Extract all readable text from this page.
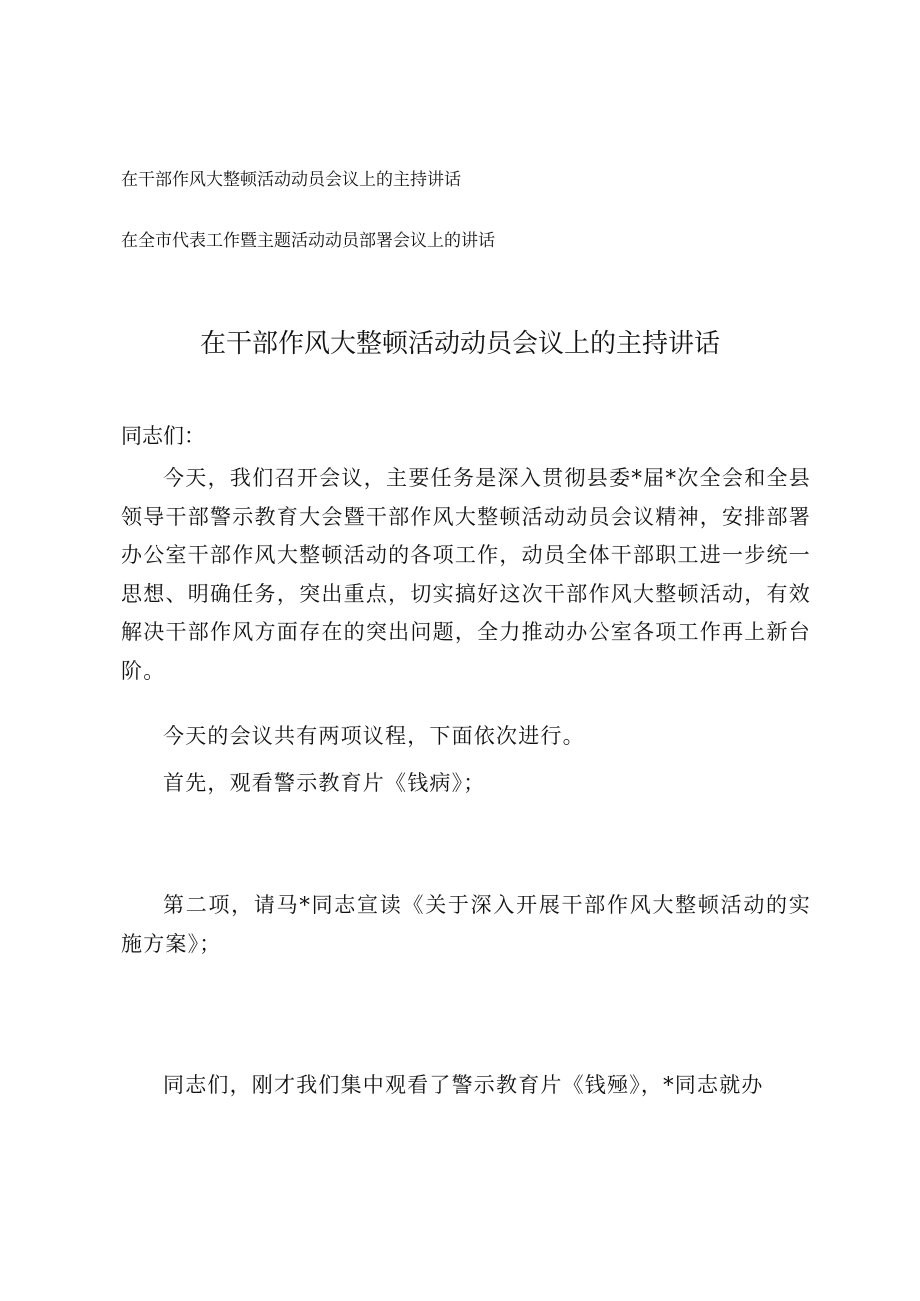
在干部作风大整顿活动动员会议上的主持讲话
在全市代表工作暨主题活动动员部署会议上的讲话
在干部作风大整顿活动动员会议上的主持讲话
同志们：

今天，我们召开会议，主要任务是深入贯彻县委*届*次全会和全县领导干部警示教育大会暨干部作风大整顿活动动员会议精神，安排部署办公室干部作风大整顿活动的各项工作，动员全体干部职工进一步统一思想、明确任务，突出重点，切实搞好这次干部作风大整顿活动，有效解决干部作风方面存在的突出问题，全力推动办公室各项工作再上新台阶。

今天的会议共有两项议程，下面依次进行。

首先，观看警示教育片《钱病》；

第二项，请马*同志宣读《关于深入开展干部作风大整顿活动的实施方案》；

同志们，刚才我们集中观看了警示教育片《钱殛》，*同志就办
